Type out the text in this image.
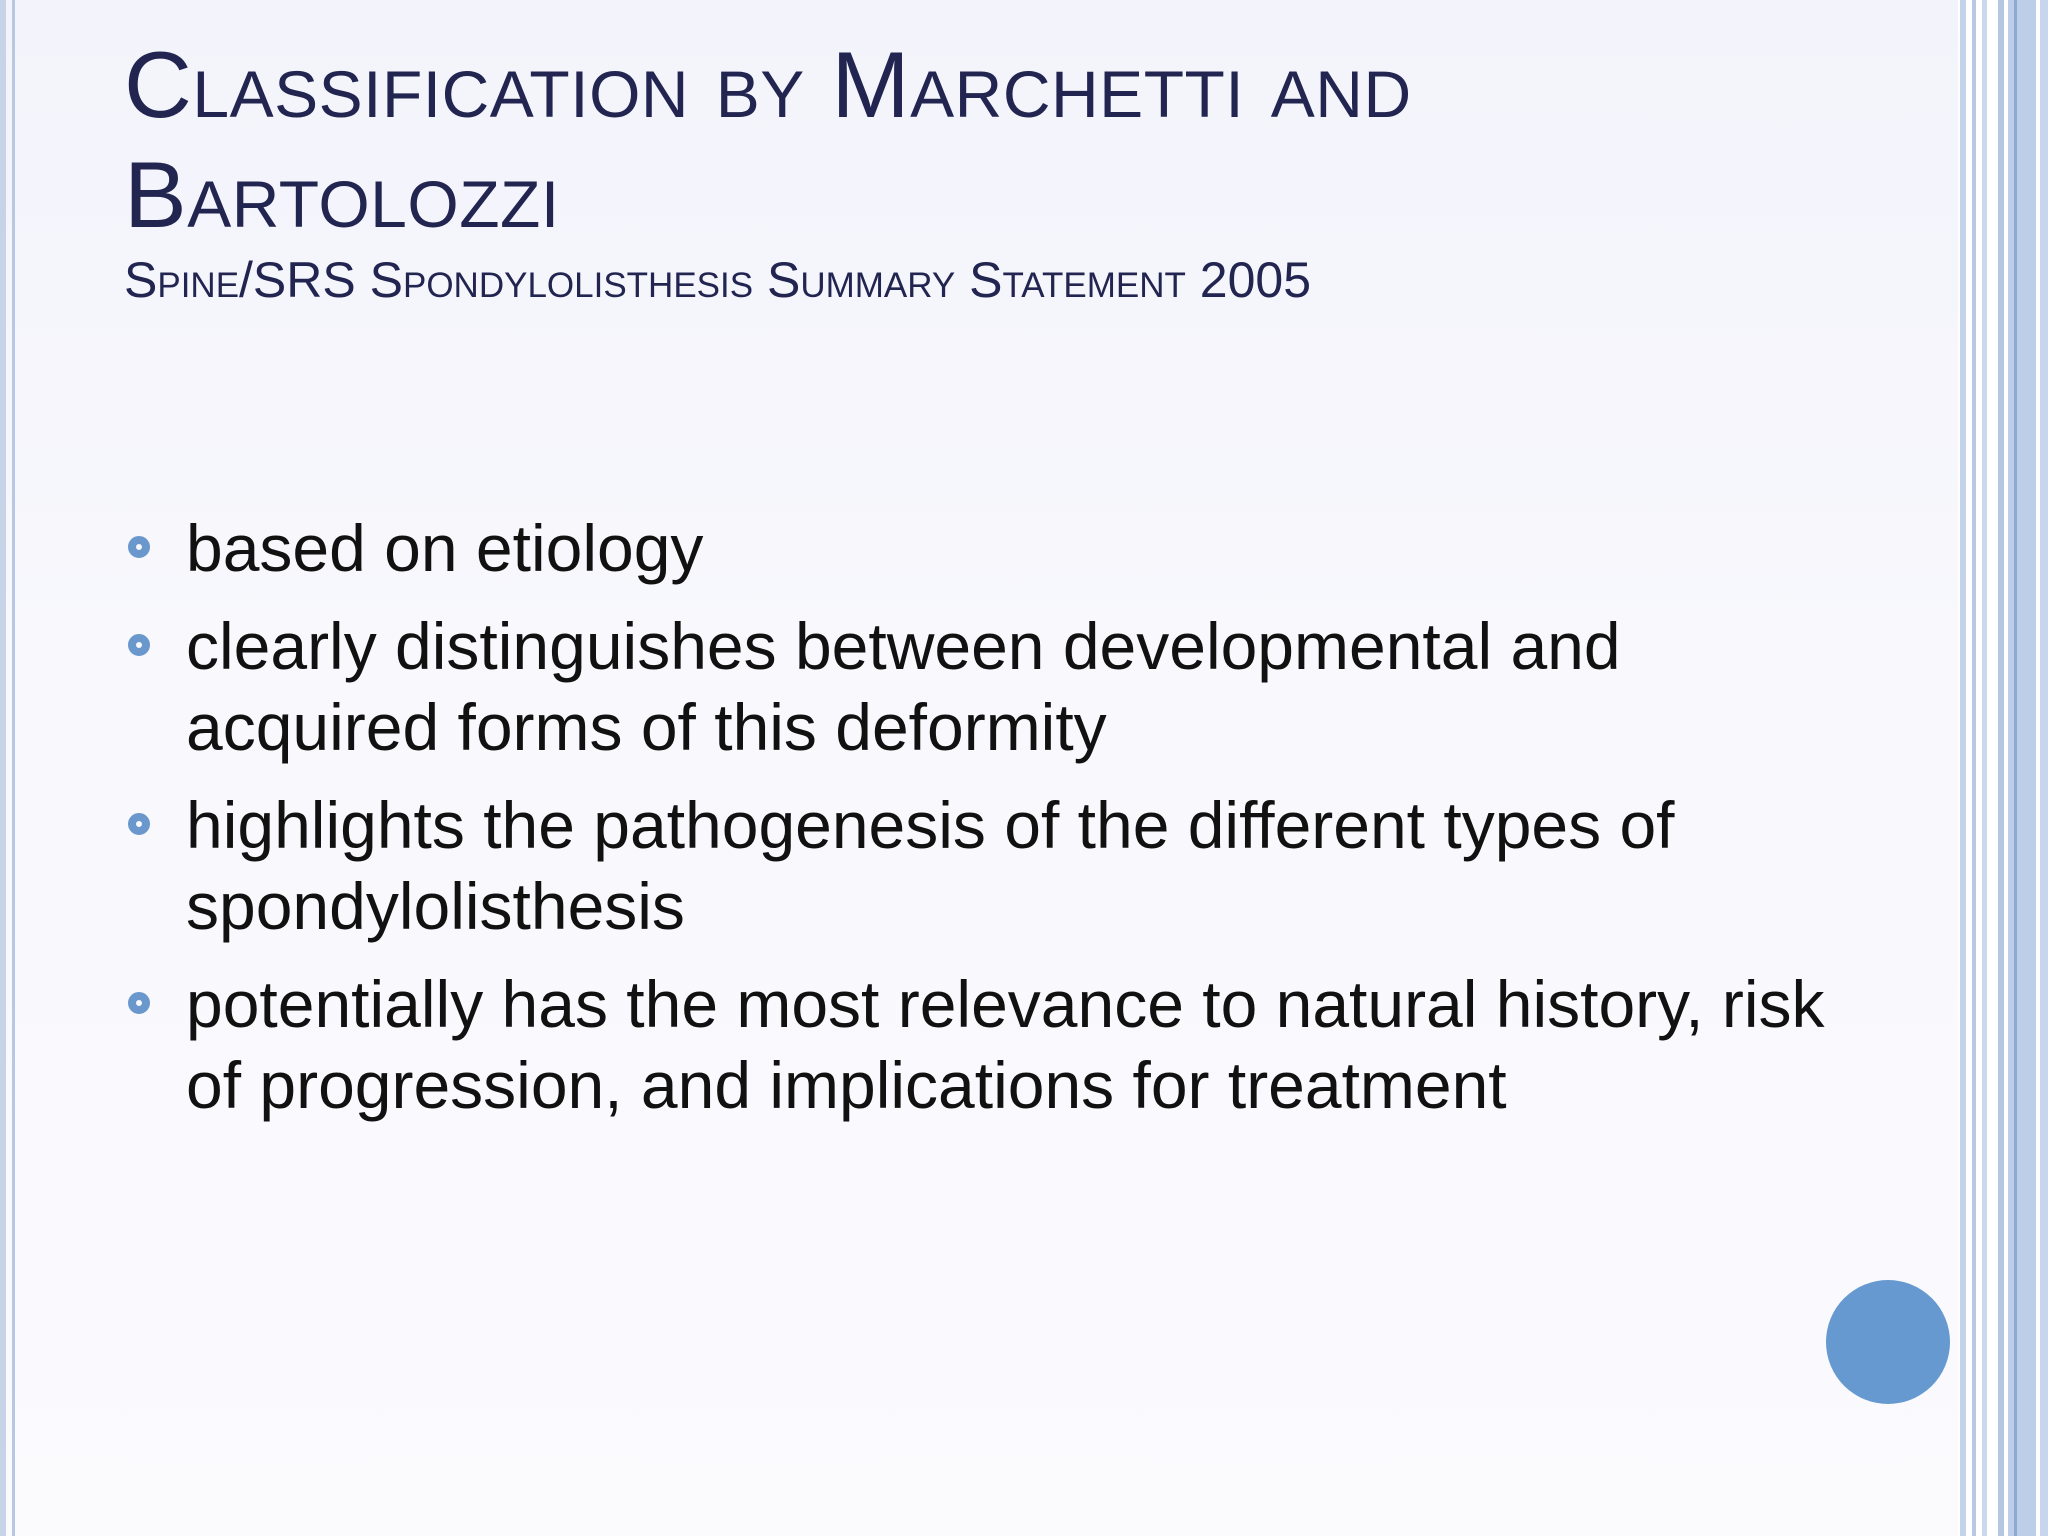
Classification by Marchetti and Bartolozzi
Spine/SRS Spondylolisthesis Summary Statement 2005
based on etiology
clearly distinguishes between developmental and acquired forms of this deformity
highlights the pathogenesis of the different types of spondylolisthesis
potentially has the most relevance to natural history, risk of progression, and implications for treatment
